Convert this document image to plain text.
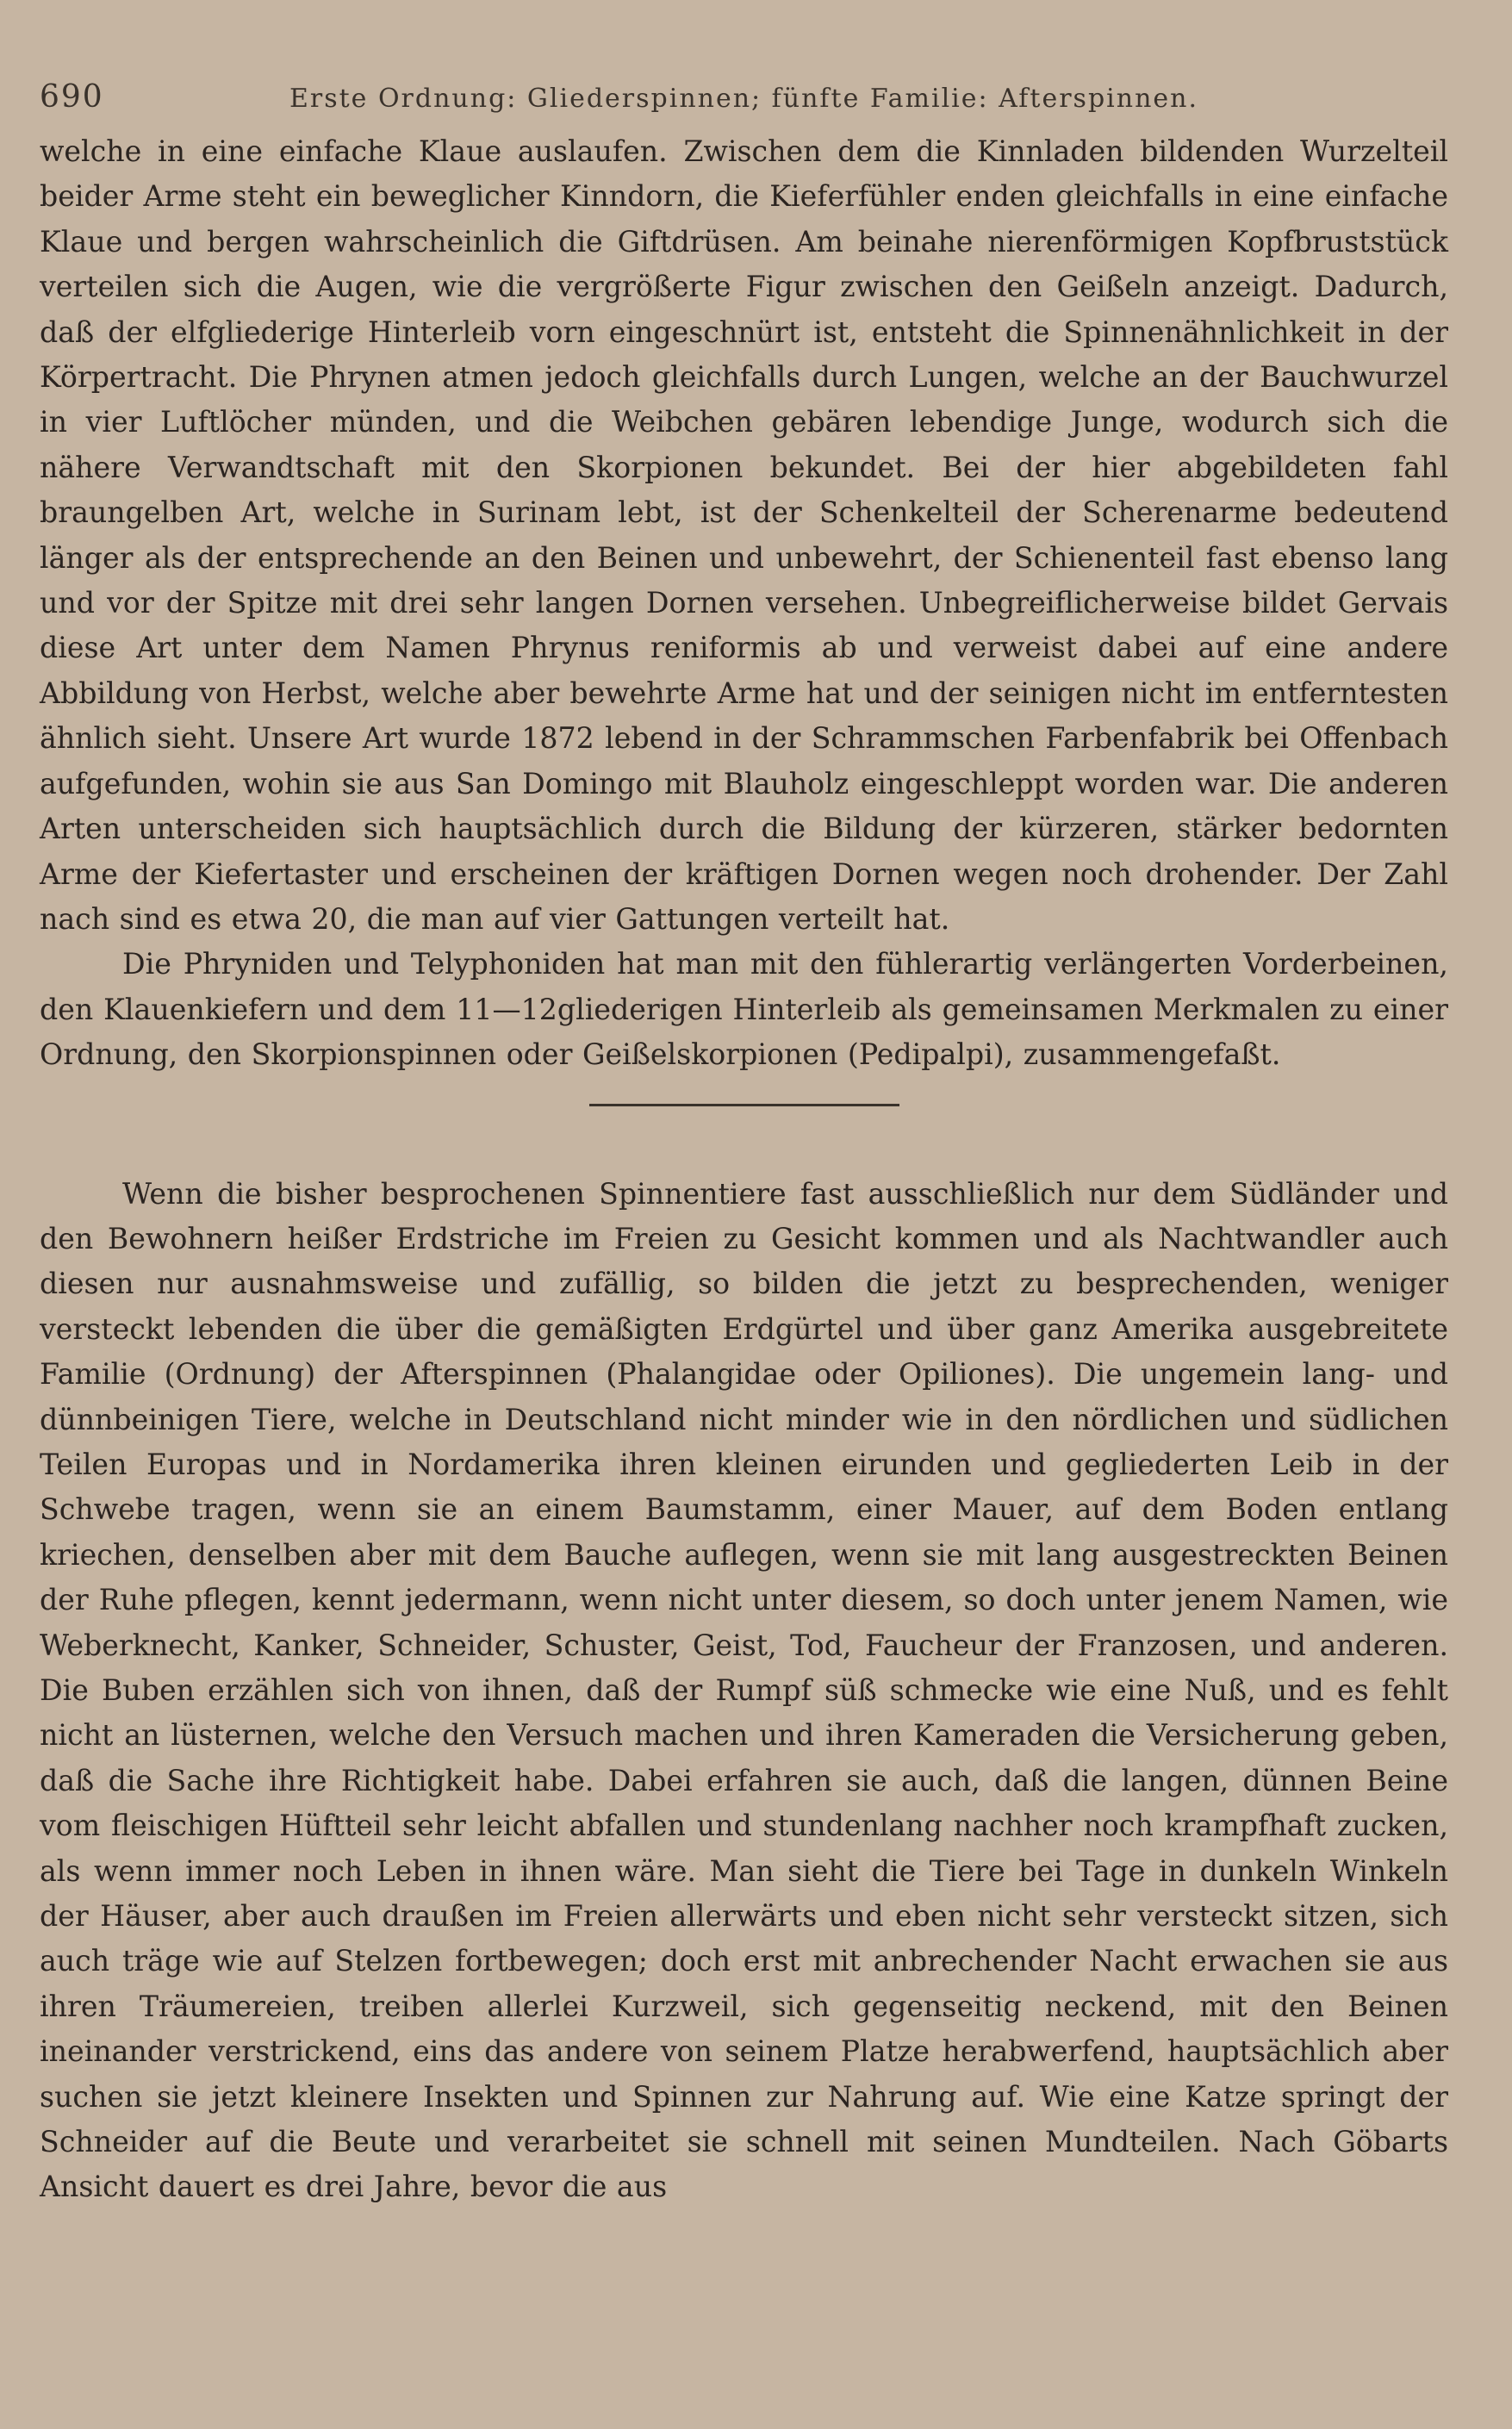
690	Erste Ordnung: Gliederspinnen; fünfte Familie: Afterspinnen.

welche in eine einfache Klaue auslaufen. Zwischen dem die Kinnladen bildenden Wurzelteil beider Arme steht ein beweglicher Kinndorn, die Kieferfühler enden gleichfalls in eine einfache Klaue und bergen wahrscheinlich die Giftdrüsen. Am beinahe nierenförmigen Kopfbruststück verteilen sich die Augen, wie die vergrößerte Figur zwischen den Geißeln anzeigt. Dadurch, daß der elfgliederige Hinterleib vorn eingeschnürt ist, entsteht die Spinnenähnlichkeit in der Körpertracht. Die Phrynen atmen jedoch gleichfalls durch Lungen, welche an der Bauchwurzel in vier Luftlöcher münden, und die Weibchen gebären lebendige Junge, wodurch sich die nähere Verwandtschaft mit den Skorpionen bekundet. Bei der hier abgebildeten fahl braungelben Art, welche in Surinam lebt, ist der Schenkelteil der Scherenarme bedeutend länger als der entsprechende an den Beinen und unbewehrt, der Schienenteil fast ebenso lang und vor der Spitze mit drei sehr langen Dornen versehen. Unbegreiflicherweise bildet Gervais diese Art unter dem Namen Phrynus reniformis ab und verweist dabei auf eine andere Abbildung von Herbst, welche aber bewehrte Arme hat und der seinigen nicht im entferntesten ähnlich sieht. Unsere Art wurde 1872 lebend in der Schrammschen Farbenfabrik bei Offenbach aufgefunden, wohin sie aus San Domingo mit Blauholz eingeschleppt worden war. Die anderen Arten unterscheiden sich hauptsächlich durch die Bildung der kürzeren, stärker bedornten Arme der Kiefertaster und erscheinen der kräftigen Dornen wegen noch drohender. Der Zahl nach sind es etwa 20, die man auf vier Gattungen verteilt hat.

Die Phryniden und Telyphoniden hat man mit den fühlerartig verlängerten Vorderbeinen, den Klauenkiefern und dem 11—12gliederigen Hinterleib als gemeinsamen Merkmalen zu einer Ordnung, den Skorpionspinnen oder Geißelskorpionen (Pedipalpi), zusammengefaßt.

Wenn die bisher besprochenen Spinnentiere fast ausschließlich nur dem Südländer und den Bewohnern heißer Erdstriche im Freien zu Gesicht kommen und als Nachtwandler auch diesen nur ausnahmsweise und zufällig, so bilden die jetzt zu besprechenden, weniger versteckt lebenden die über die gemäßigten Erdgürtel und über ganz Amerika ausgebreitete Familie (Ordnung) der Afterspinnen (Phalangidae oder Opiliones). Die ungemein lang- und dünnbeinigen Tiere, welche in Deutschland nicht minder wie in den nördlichen und südlichen Teilen Europas und in Nordamerika ihren kleinen eirunden und gegliederten Leib in der Schwebe tragen, wenn sie an einem Baumstamm, einer Mauer, auf dem Boden entlang kriechen, denselben aber mit dem Bauche auflegen, wenn sie mit lang ausgestreckten Beinen der Ruhe pflegen, kennt jedermann, wenn nicht unter diesem, so doch unter jenem Namen, wie Weberknecht, Kanker, Schneider, Schuster, Geist, Tod, Faucheur der Franzosen, und anderen. Die Buben erzählen sich von ihnen, daß der Rumpf süß schmecke wie eine Nuß, und es fehlt nicht an lüsternen, welche den Versuch machen und ihren Kameraden die Versicherung geben, daß die Sache ihre Richtigkeit habe. Dabei erfahren sie auch, daß die langen, dünnen Beine vom fleischigen Hüftteil sehr leicht abfallen und stundenlang nachher noch krampfhaft zucken, als wenn immer noch Leben in ihnen wäre. Man sieht die Tiere bei Tage in dunkeln Winkeln der Häuser, aber auch draußen im Freien allerwärts und eben nicht sehr versteckt sitzen, sich auch träge wie auf Stelzen fortbewegen; doch erst mit anbrechender Nacht erwachen sie aus ihren Träumereien, treiben allerlei Kurzweil, sich gegenseitig neckend, mit den Beinen ineinander verstrickend, eins das andere von seinem Platze herabwerfend, hauptsächlich aber suchen sie jetzt kleinere Insekten und Spinnen zur Nahrung auf. Wie eine Katze springt der Schneider auf die Beute und verarbeitet sie schnell mit seinen Mundteilen. Nach Göbarts Ansicht dauert es drei Jahre, bevor die aus
